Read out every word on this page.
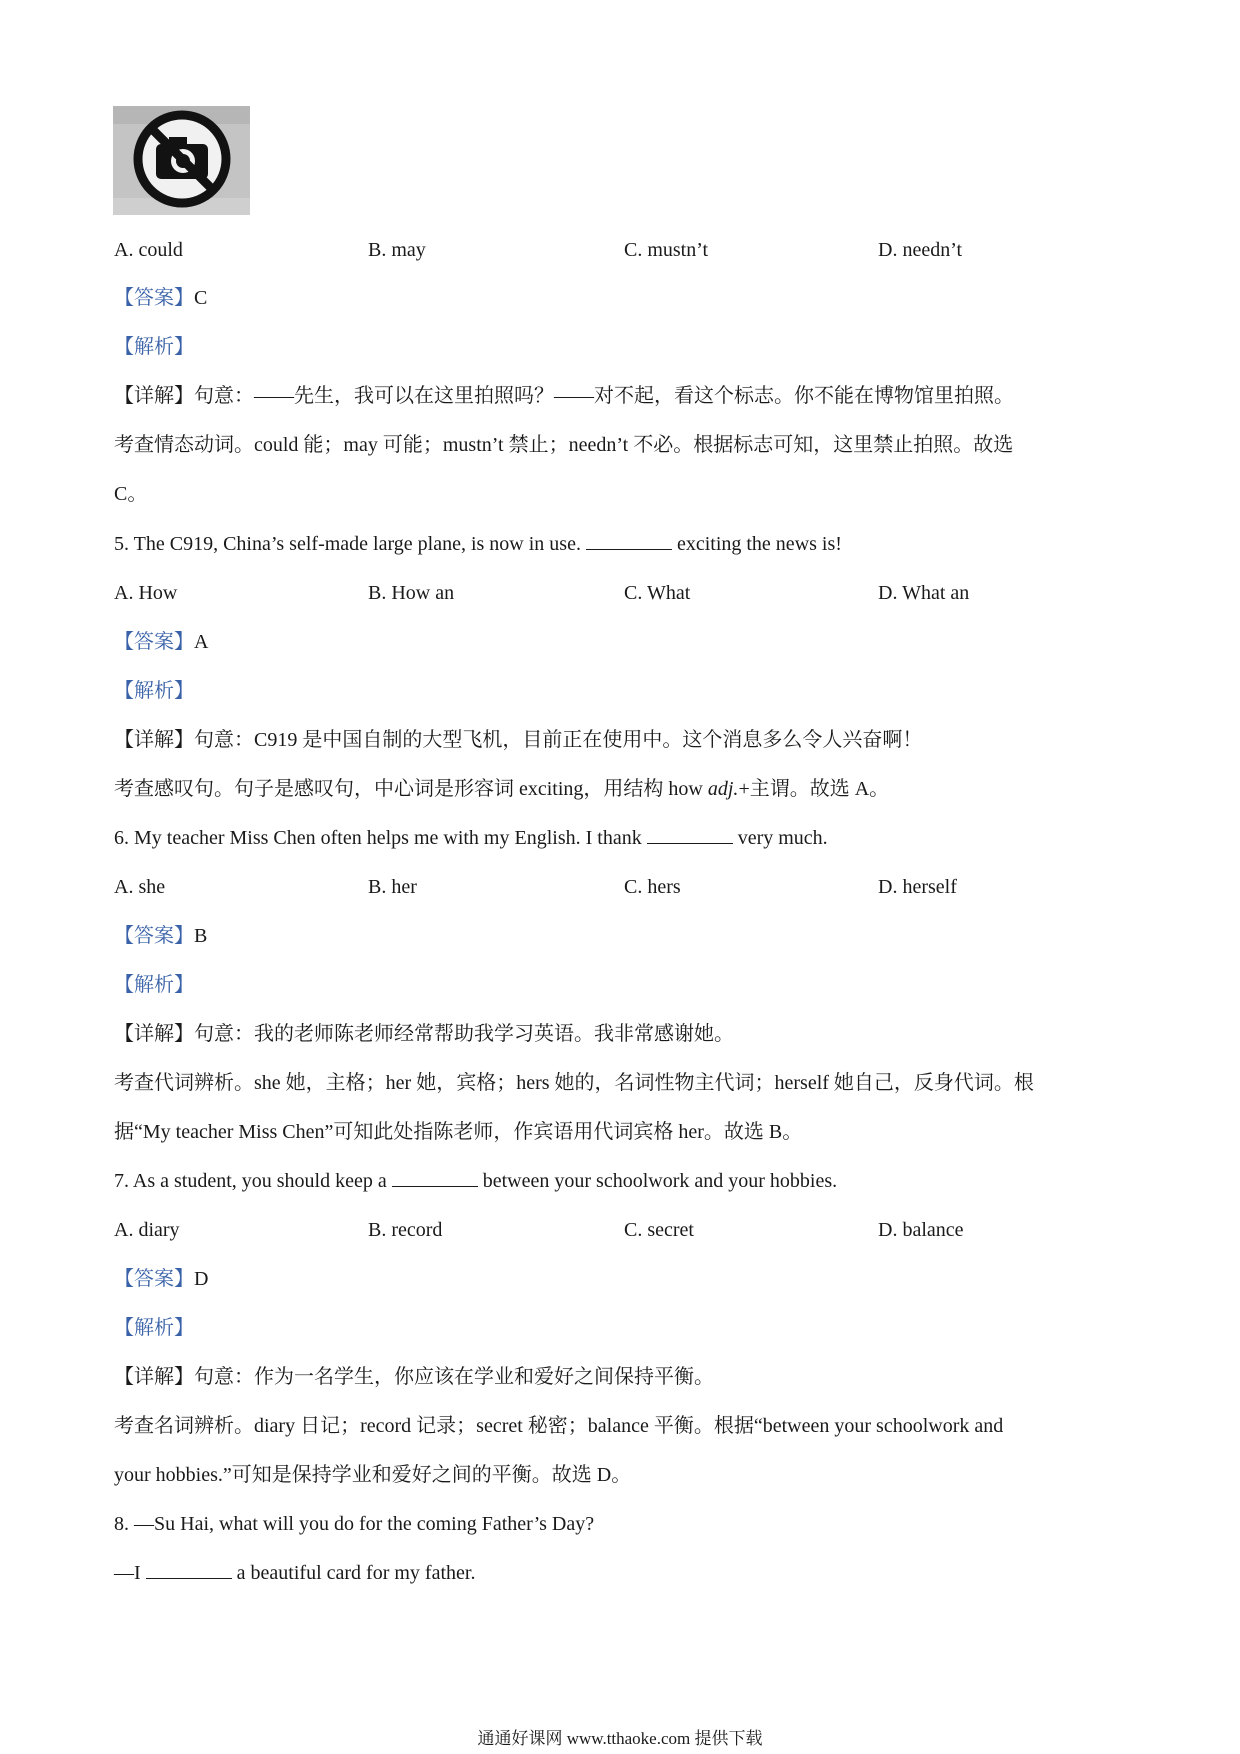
A. could	B. may	C. mustn’t	D. needn’t
【答案】C
【解析】
【详解】句意：——先生，我可以在这里拍照吗？——对不起，看这个标志。你不能在博物馆里拍照。
考查情态动词。could 能；may 可能；mustn’t 禁止；needn’t 不必。根据标志可知，这里禁止拍照。故选
C。
5. The C919, China’s self-made large plane, is now in use.	exciting the news is!
A. How	B. How an	C. What	D. What an
【答案】A
【解析】
【详解】句意：C919 是中国自制的大型飞机，目前正在使用中。这个消息多么令人兴奋啊！
考查感叹句。句子是感叹句，中心词是形容词 exciting，用结构 how adj.+主谓。故选 A。
6. My teacher Miss Chen often helps me with my English. I thank	very much.
A. she	B. her	C. hers	D. herself
【答案】B
【解析】
【详解】句意：我的老师陈老师经常帮助我学习英语。我非常感谢她。
考查代词辨析。she 她，主格；her 她，宾格；hers 她的，名词性物主代词；herself 她自己，反身代词。根
据“My teacher Miss Chen”可知此处指陈老师，作宾语用代词宾格 her。故选 B。
7. As a student, you should keep a	between your schoolwork and your hobbies.
A. diary	B. record	C. secret	D. balance
【答案】D
【解析】
【详解】句意：作为一名学生，你应该在学业和爱好之间保持平衡。
考查名词辨析。diary 日记；record 记录；secret 秘密；balance 平衡。根据“between your schoolwork and
your hobbies.”可知是保持学业和爱好之间的平衡。故选 D。
8. —Su Hai, what will you do for the coming Father’s Day?
—I	a beautiful card for my father.
通通好课网 www.tthaoke.com 提供下载
